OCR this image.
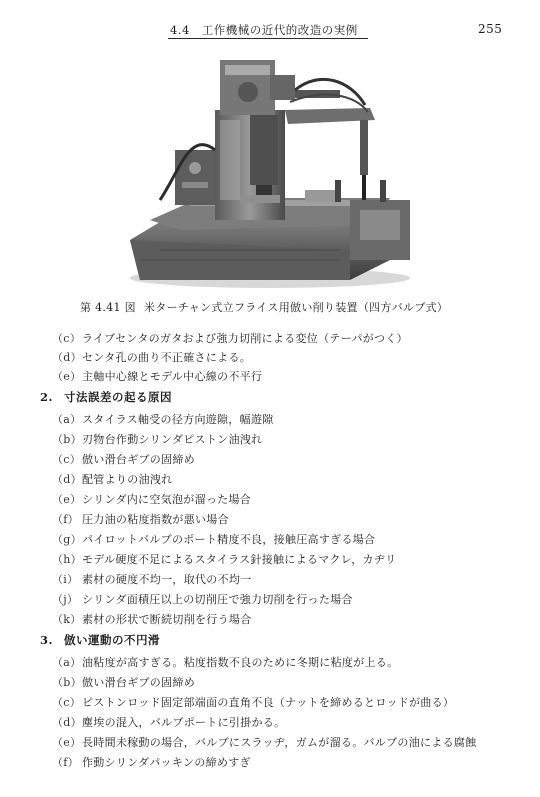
4.4　工作機械の近代的改造の実例	255
第 4.41 図 米ターチャン式立フライス用倣い削り装置（四方バルブ式）
（c）ライブセンタのガタおよび強力切削による変位（テーパがつく）
（d）センタ孔の曲り不正確さによる。
（e）主軸中心線とモデル中心線の不平行
2. 寸法誤差の起る原因
（a）スタイラス軸受の径方向遊隙，幅遊隙
（b）刃物台作動シリンダピストン油洩れ
（c）倣い滑台ギブの固締め
（d）配管よりの油洩れ
（e）シリンダ内に空気泡が溜った場合
（f） 圧力油の粘度指数が悪い場合
（g）パイロットバルブのポート精度不良，接触圧高すぎる場合
（h）モデル硬度不足によるスタイラス針接触によるマクレ，カヂリ
（i） 素材の硬度不均一，取代の不均一
（j） シリンダ面積圧以上の切削圧で強力切削を行った場合
（k）素材の形状で断続切削を行う場合
3. 倣い運動の不円滑
（a）油粘度が高すぎる。粘度指数不良のために冬期に粘度が上る。
（b）倣い滑台ギブの固締め
（c）ピストンロッド固定部端面の直角不良（ナットを締めるとロッドが曲る）
（d）塵埃の混入，バルブポートに引掛かる。
（e）長時間未稼動の場合，バルブにスラッヂ，ガムが溜る。バルブの油による腐蝕
（f） 作動シリンダパッキンの締めすぎ
